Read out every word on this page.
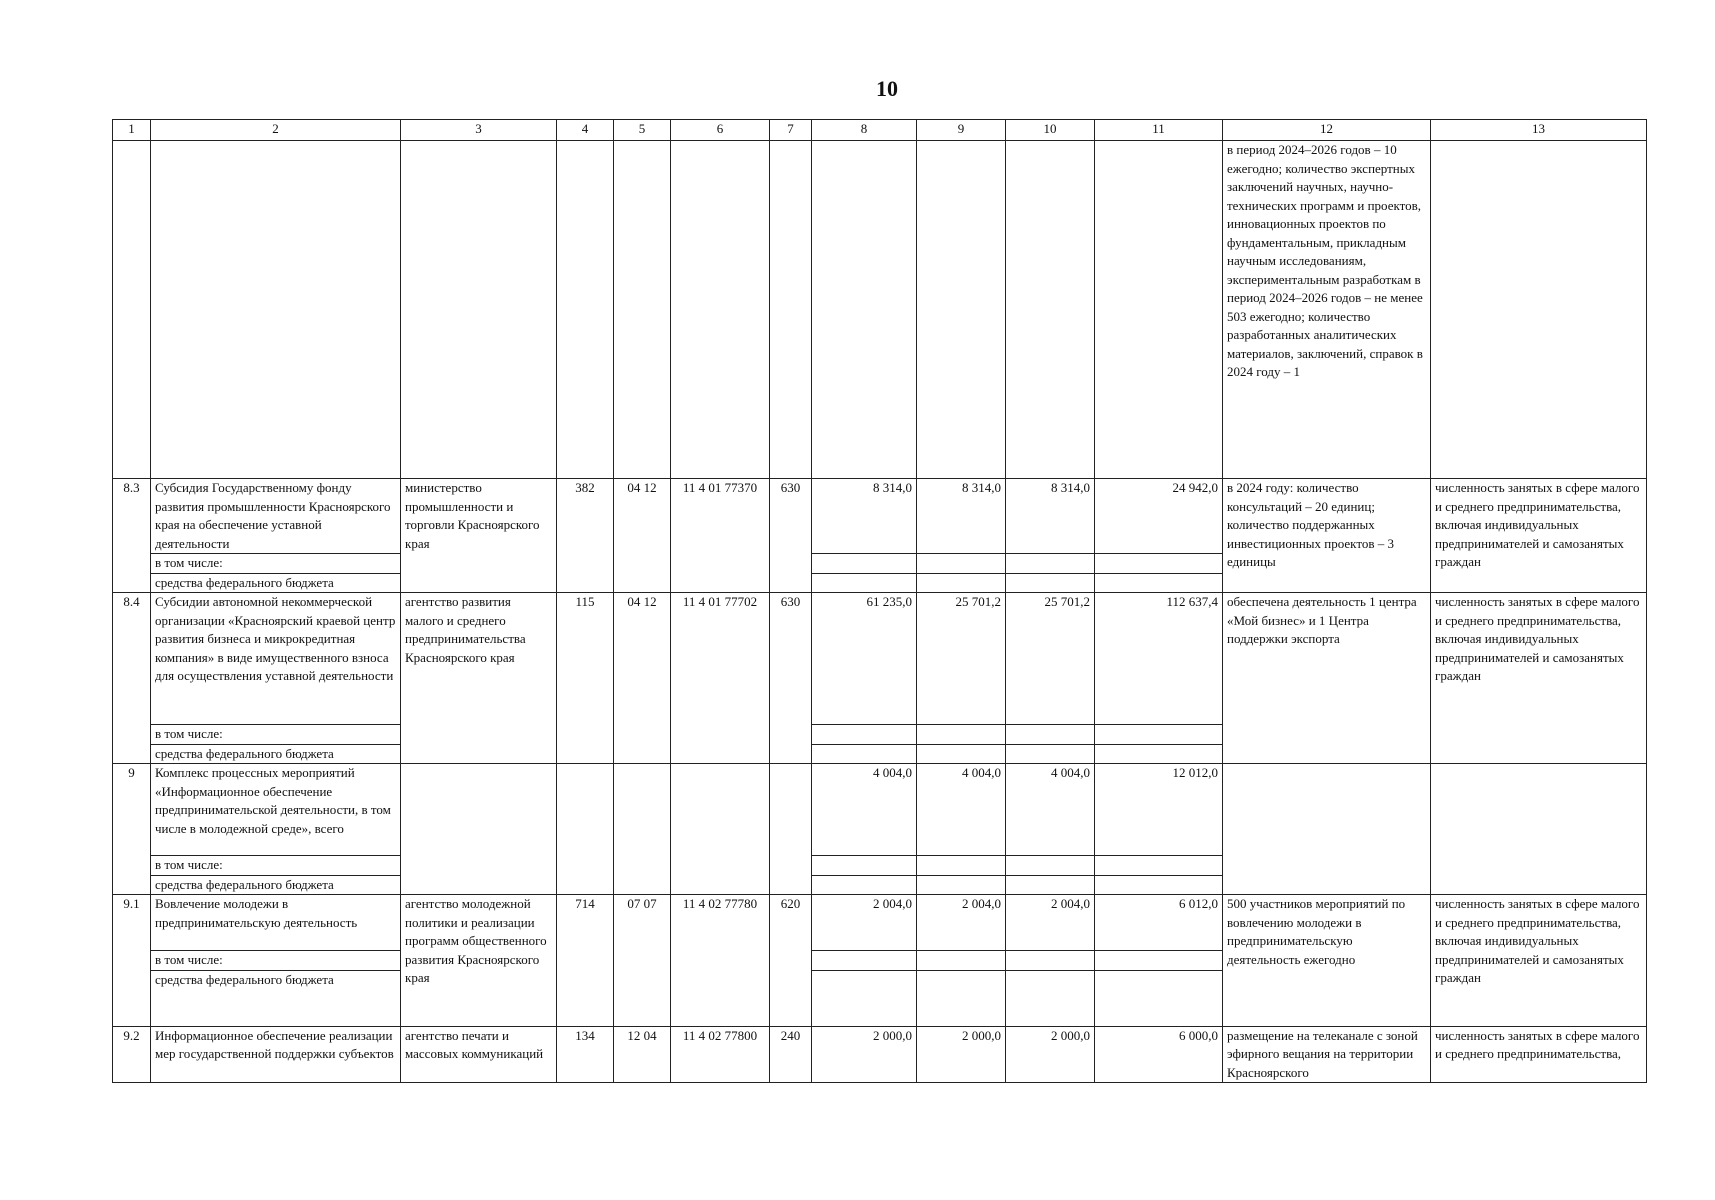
10
1	2	3	4	5	6	7	8	9	10	11	12	13
											в период 2024–2026 годов – 10 ежегодно; количество экспертных заключений научных, научно-технических программ и проектов, инновационных проектов по фундаментальным, прикладным научным исследованиям, экспериментальным разработкам в период 2024–2026 годов – не менее 503 ежегодно; количество разработанных аналитических материалов, заключений, справок в 2024 году – 1	
8.3	Субсидия Государственному фонду развития промышленности Красноярского края на обеспечение уставной деятельности	министерство промышленности и торговли Красноярского края	382	04 12	11 4 01 77370	630	8 314,0	8 314,0	8 314,0	24 942,0	в 2024 году: количество консультаций – 20 единиц; количество поддержанных инвестиционных проектов – 3 единицы	численность занятых в сфере малого и среднего предпринимательства, включая индивидуальных предпринимателей и самозанятых граждан
	в том числе:											
	средства федерального бюджета											
8.4	Субсидии автономной некоммерческой организации «Красноярский краевой центр развития бизнеса и микрокредитная компания» в виде имущественного взноса для осуществления уставной деятельности	агентство развития малого и среднего предпринимательства Красноярского края	115	04 12	11 4 01 77702	630	61 235,0	25 701,2	25 701,2	112 637,4	обеспечена деятельность 1 центра «Мой бизнес» и 1 Центра поддержки экспорта	численность занятых в сфере малого и среднего предпринимательства, включая индивидуальных предпринимателей и самозанятых граждан
	в том числе:											
	средства федерального бюджета											
9	Комплекс процессных мероприятий «Информационное обеспечение предпринимательской деятельности, в том числе в молодежной среде», всего						4 004,0	4 004,0	4 004,0	12 012,0		
	в том числе:											
	средства федерального бюджета											
9.1	Вовлечение молодежи в предпринимательскую деятельность	агентство молодежной политики и реализации программ общественного развития Красноярского края	714	07 07	11 4 02 77780	620	2 004,0	2 004,0	2 004,0	6 012,0	500 участников мероприятий по вовлечению молодежи в предпринимательскую деятельность ежегодно	численность занятых в сфере малого и среднего предпринимательства, включая индивидуальных предпринимателей и самозанятых граждан
	в том числе:											
	средства федерального бюджета											
9.2	Информационное обеспечение реализации мер государственной поддержки субъектов	агентство печати и массовых коммуникаций	134	12 04	11 4 02 77800	240	2 000,0	2 000,0	2 000,0	6 000,0	размещение на телеканале с зоной эфирного вещания на территории Красноярского	численность занятых в сфере малого и среднего предпринимательства,
